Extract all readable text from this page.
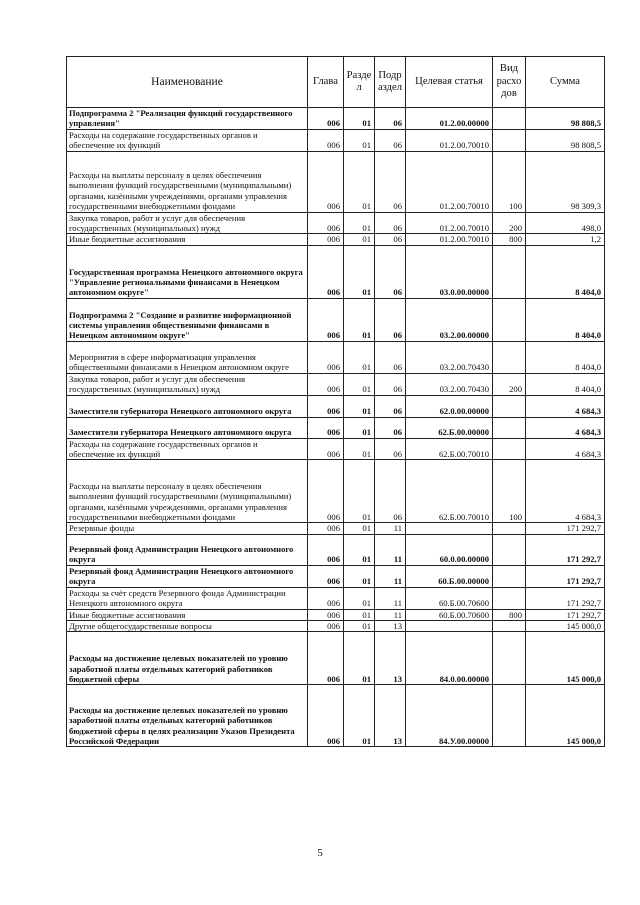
Наименование	Глава	Разде л	Подр аздел	Целевая статья	Вид расхо дов	Сумма
Подпрограмма 2 "Реализация функций государственного управления"	006	01	06	01.2.00.00000		98 808,5
Расходы на содержание государственных органов и обеспечение их функций	006	01	06	01.2.00.70010		98 808,5
Расходы на выплаты персоналу в целях обеспечения выполнения функций государственными (муниципальными) органами, казёнными учреждениями, органами управления государственными внебюджетными фондами	006	01	06	01.2.00.70010	100	98 309,3
Закупка товаров, работ и услуг для обеспечения государственных (муниципальных) нужд	006	01	06	01.2.00.70010	200	498,0
Иные бюджетные ассигнования	006	01	06	01.2.00.70010	800	1,2
Государственная программа Ненецкого автономного округа "Управление региональными финансами в Ненецком автономном округе"	006	01	06	03.0.00.00000		8 404,0
Подпрограмма 2 "Создание и развитие информационной системы управления общественными финансами в Ненецком автономном округе"	006	01	06	03.2.00.00000		8 404,0
Мероприятия в сфере информатизация управления общественными финансами в Ненецком автономном округе	006	01	06	03.2.00.70430		8 404,0
Закупка товаров, работ и услуг для обеспечения государственных (муниципальных) нужд	006	01	06	03.2.00.70430	200	8 404,0
Заместители губернатора Ненецкого автономного округа	006	01	06	62.0.00.00000		4 684,3
Заместители губернатора Ненецкого автономного округа	006	01	06	62.Б.00.00000		4 684,3
Расходы на содержание государственных органов и обеспечение их функций	006	01	06	62.Б.00.70010		4 684,3
Расходы на выплаты персоналу в целях обеспечения выполнения функций государственными (муниципальными) органами, казёнными учреждениями, органами управления государственными внебюджетными фондами	006	01	06	62.Б.00.70010	100	4 684,3
Резервные фонды	006	01	11			171 292,7
Резервный фонд Администрации Ненецкого автономного округа	006	01	11	60.0.00.00000		171 292,7
Резервный фонд Администрации Ненецкого автономного округа	006	01	11	60.Б.00.00000		171 292,7
Расходы за счёт средств Резервного фонда Администрации Ненецкого автономного округа	006	01	11	60.Б.00.70600		171 292,7
Иные бюджетные ассигнования	006	01	11	60.Б.00.70600	800	171 292,7
Другие общегосударственные вопросы	006	01	13			145 000,0
Расходы на достижение целевых показателей по уровню заработной платы отдельных категорий работников бюджетной сферы	006	01	13	84.0.00.00000		145 000,0
Расходы на достижение целевых показателей по уровню заработной платы отдельных категорий работников бюджетной сферы в целях реализации Указов Президента Российской Федерации	006	01	13	84.У.00.00000		145 000,0
5
